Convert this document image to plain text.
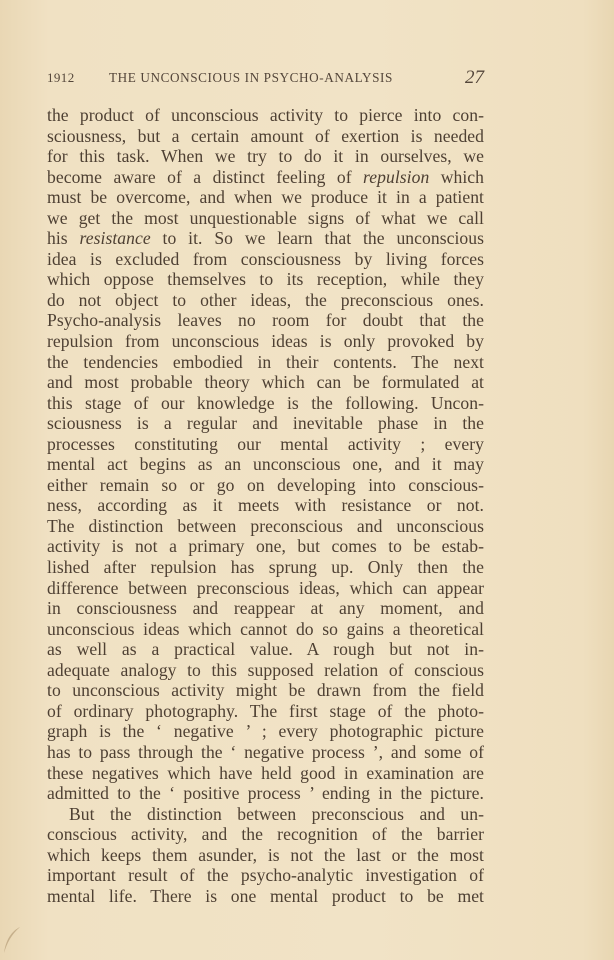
1912	THE UNCONSCIOUS IN PSYCHO-ANALYSIS	27
the product of unconscious activity to pierce into con-
sciousness, but a certain amount of exertion is needed
for this task. When we try to do it in ourselves, we
become aware of a distinct feeling of repulsion which
must be overcome, and when we produce it in a patient
we get the most unquestionable signs of what we call
his resistance to it. So we learn that the unconscious
idea is excluded from consciousness by living forces
which oppose themselves to its reception, while they
do not object to other ideas, the preconscious ones.
Psycho-analysis leaves no room for doubt that the
repulsion from unconscious ideas is only provoked by
the tendencies embodied in their contents. The next
and most probable theory which can be formulated at
this stage of our knowledge is the following. Uncon-
sciousness is a regular and inevitable phase in the
processes constituting our mental activity ; every
mental act begins as an unconscious one, and it may
either remain so or go on developing into conscious-
ness, according as it meets with resistance or not.
The distinction between preconscious and unconscious
activity is not a primary one, but comes to be estab-
lished after repulsion has sprung up. Only then the
difference between preconscious ideas, which can appear
in consciousness and reappear at any moment, and
unconscious ideas which cannot do so gains a theoretical
as well as a practical value. A rough but not in-
adequate analogy to this supposed relation of conscious
to unconscious activity might be drawn from the field
of ordinary photography. The first stage of the photo-
graph is the ‘ negative ’ ; every photographic picture
has to pass through the ‘ negative process ’, and some of
these negatives which have held good in examination are
admitted to the ‘ positive process ’ ending in the picture.
But the distinction between preconscious and un-
conscious activity, and the recognition of the barrier
which keeps them asunder, is not the last or the most
important result of the psycho-analytic investigation of
mental life. There is one mental product to be met
